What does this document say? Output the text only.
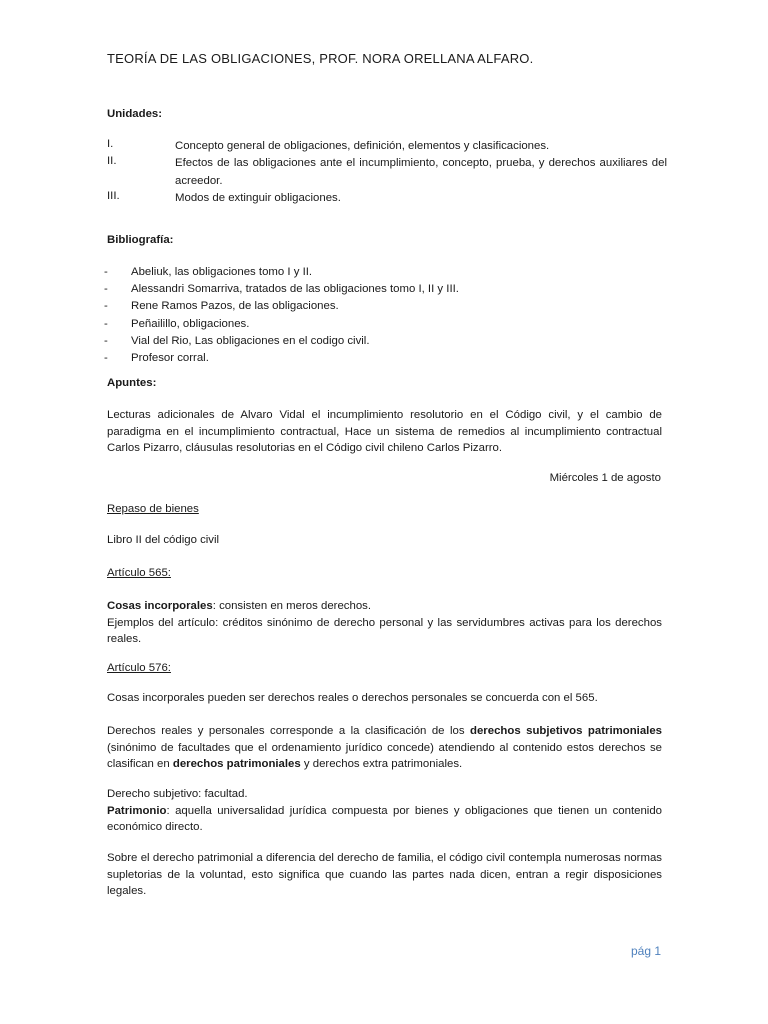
TEORÍA DE LAS OBLIGACIONES, PROF. NORA ORELLANA ALFARO.
Unidades:
I.	Concepto general de obligaciones, definición, elementos y clasificaciones.
II.	Efectos de las obligaciones ante el incumplimiento, concepto, prueba, y derechos auxiliares del acreedor.
III.	Modos de extinguir obligaciones.
Bibliografía:
- Abeliuk, las obligaciones tomo I y II.
- Alessandri Somarriva, tratados de las obligaciones tomo I, II y III.
- Rene Ramos Pazos, de las obligaciones.
- Peñailillo, obligaciones.
- Vial del Rio, Las obligaciones en el codigo civil.
- Profesor corral.
Apuntes:
Lecturas adicionales de Alvaro Vidal el incumplimiento resolutorio en el Código civil, y el cambio de paradigma en el incumplimiento contractual, Hace un sistema de remedios al incumplimiento contractual Carlos Pizarro, cláusulas resolutorias en el Código civil chileno Carlos Pizarro.
Miércoles 1 de agosto
Repaso de bienes
Libro II del código civil
Artículo 565:
Cosas incorporales: consisten en meros derechos.
Ejemplos del artículo: créditos sinónimo de derecho personal y las servidumbres activas para los derechos reales.
Artículo 576:
Cosas incorporales pueden ser derechos reales o derechos personales se concuerda con el 565.
Derechos reales y personales corresponde a la clasificación de los derechos subjetivos patrimoniales (sinónimo de facultades que el ordenamiento jurídico concede) atendiendo al contenido estos derechos se clasifican en derechos patrimoniales y derechos extra patrimoniales.
Derecho subjetivo: facultad.
Patrimonio: aquella universalidad jurídica compuesta por bienes y obligaciones que tienen un contenido económico directo.
Sobre el derecho patrimonial a diferencia del derecho de familia, el código civil contempla numerosas normas supletorias de la voluntad, esto significa que cuando las partes nada dicen, entran a regir disposiciones legales.
pág 1
